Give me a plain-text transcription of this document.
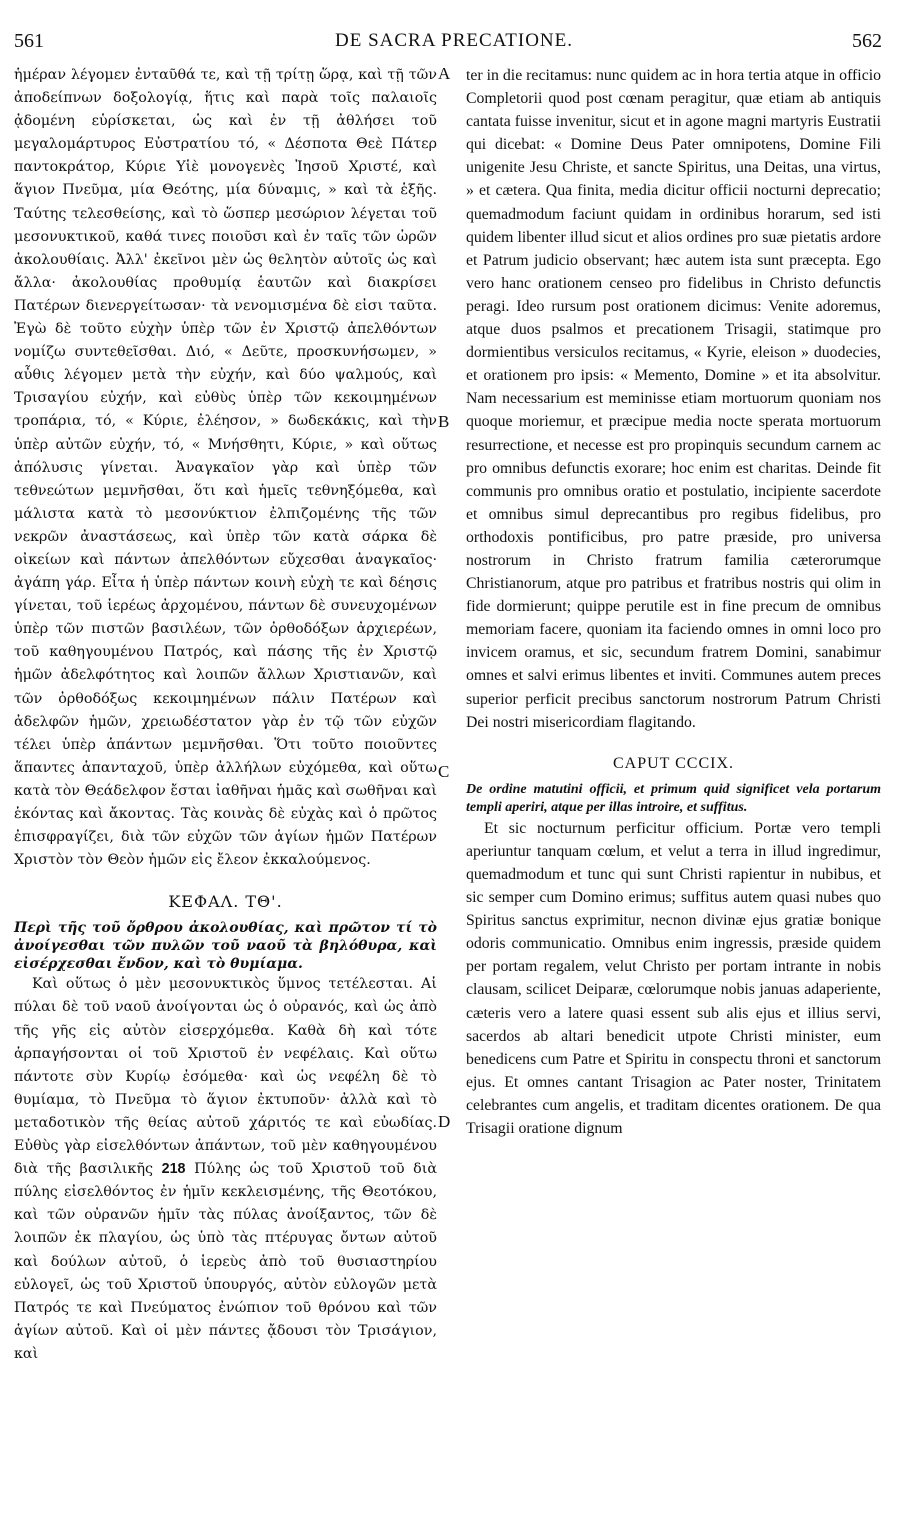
561	DE SACRA PRECATIONE.	562

ἡμέραν λέγομεν ἐνταῦθά τε, καὶ τῇ τρίτῃ ὥρᾳ, καὶ τῇ τῶν ἀποδείπνων δοξολογίᾳ, ἥτις καὶ παρὰ τοῖς παλαιοῖς ᾀδομένη εὑρίσκεται, ὡς καὶ ἐν τῇ ἀθλήσει τοῦ μεγαλομάρτυρος Εὐστρατίου τό, « Δέσποτα Θεὲ Πάτερ παντοκράτορ, Κύριε Υἱὲ μονογενὲς Ἰησοῦ Χριστέ, καὶ ἅγιον Πνεῦμα, μία Θεότης, μία δύναμις, » καὶ τὰ ἑξῆς. Ταύτης τελεσθείσης, καὶ τὸ ὥσπερ μεσώριον λέγεται τοῦ μεσονυκτικοῦ, καθά τινες ποιοῦσι καὶ ἐν ταῖς τῶν ὡρῶν ἀκολουθίαις. Ἀλλ' ἐκεῖνοι μὲν ὡς θελητὸν αὐτοῖς ὡς καὶ ἄλλα· ἀκολουθίας προθυμίᾳ ἑαυτῶν καὶ διακρίσει Πατέρων διενεργείτωσαν· τὰ νενομισμένα δὲ εἰσι ταῦτα. Ἐγὼ δὲ τοῦτο εὐχὴν ὑπὲρ τῶν ἐν Χριστῷ ἀπελθόντων νομίζω συντεθεῖσθαι. Διό, « Δεῦτε, προσκυνήσωμεν, » αὖθις λέγομεν μετὰ τὴν εὐχήν, καὶ δύο ψαλμούς, καὶ Τρισαγίου εὐχήν, καὶ εὐθὺς ὑπὲρ τῶν κεκοιμημένων τροπάρια, τό, « Κύριε, ἐλέησον, » δωδεκάκις, καὶ τὴν ὑπὲρ αὐτῶν εὐχήν, τό, « Μνήσθητι, Κύριε, » καὶ οὕτως ἀπόλυσις γίνεται. Ἀναγκαῖον γὰρ καὶ ὑπὲρ τῶν τεθνεώτων μεμνῆσθαι, ὅτι καὶ ἡμεῖς τεθνηξόμεθα, καὶ μάλιστα κατὰ τὸ μεσονύκτιον ἐλπιζομένης τῆς τῶν νεκρῶν ἀναστάσεως, καὶ ὑπὲρ τῶν κατὰ σάρκα δὲ οἰκείων καὶ πάντων ἀπελθόντων εὔχεσθαι ἀναγκαῖος· ἀγάπη γάρ. Εἶτα ἡ ὑπὲρ πάντων κοινὴ εὐχὴ τε καὶ δέησις γίνεται, τοῦ ἱερέως ἀρχομένου, πάντων δὲ συνευχομένων ὑπὲρ τῶν πιστῶν βασιλέων, τῶν ὀρθοδόξων ἀρχιερέων, τοῦ καθηγουμένου Πατρός, καὶ πάσης τῆς ἐν Χριστῷ ἡμῶν ἀδελφότητος καὶ λοιπῶν ἄλλων Χριστιανῶν, καὶ τῶν ὀρθοδόξως κεκοιμημένων πάλιν Πατέρων καὶ ἀδελφῶν ἡμῶν, χρειωδέστατον γὰρ ἐν τῷ τῶν εὐχῶν τέλει ὑπὲρ ἁπάντων μεμνῆσθαι. Ὅτι τοῦτο ποιοῦντες ἅπαντες ἁπανταχοῦ, ὑπὲρ ἀλλήλων εὐχόμεθα, καὶ οὕτω κατὰ τὸν Θεάδελφον ἔσται ἰαθῆναι ἡμᾶς καὶ σωθῆναι καὶ ἑκόντας καὶ ἄκοντας. Τὰς κοινὰς δὲ εὐχὰς καὶ ὁ πρῶτος ἐπισφραγίζει, διὰ τῶν εὐχῶν τῶν ἁγίων ἡμῶν Πατέρων Χριστὸν τὸν Θεὸν ἡμῶν εἰς ἔλεον ἐκκαλούμενος.

ΚΕΦΑΛ. ΤΘ'.

Περὶ τῆς τοῦ ὄρθρου ἀκολουθίας, καὶ πρῶτον τί τὸ ἀνοίγεσθαι τῶν πυλῶν τοῦ ναοῦ τὰ βηλόθυρα, καὶ εἰσέρχεσθαι ἔνδον, καὶ τὸ θυμίαμα.

Καὶ οὕτως ὁ μὲν μεσονυκτικὸς ὕμνος τετέλεσται. Αἱ πύλαι δὲ τοῦ ναοῦ ἀνοίγονται ὡς ὁ οὐρανός, καὶ ὡς ἀπὸ τῆς γῆς εἰς αὐτὸν εἰσερχόμεθα. Καθὰ δὴ καὶ τότε ἁρπαγήσονται οἱ τοῦ Χριστοῦ ἐν νεφέλαις. Καὶ οὕτω πάντοτε σὺν Κυρίῳ ἐσόμεθα· καὶ ὡς νεφέλη δὲ τὸ θυμίαμα, τὸ Πνεῦμα τὸ ἅγιον ἐκτυποῦν· ἀλλὰ καὶ τὸ μεταδοτικὸν τῆς θείας αὐτοῦ χάριτός τε καὶ εὐωδίας. Εὐθὺς γὰρ εἰσελθόντων ἁπάντων, τοῦ μὲν καθηγουμένου διὰ τῆς βασιλικῆς 218 Πύλης ὡς τοῦ Χριστοῦ τοῦ διὰ πύλης εἰσελθόντος ἐν ἡμῖν κεκλεισμένης, τῆς Θεοτόκου, καὶ τῶν οὐρανῶν ἡμῖν τὰς πύλας ἀνοίξαντος, τῶν δὲ λοιπῶν ἐκ πλαγίου, ὡς ὑπὸ τὰς πτέρυγας ὄντων αὐτοῦ καὶ δούλων αὐτοῦ, ὁ ἱερεὺς ἀπὸ τοῦ θυσιαστηρίου εὐλογεῖ, ὡς τοῦ Χριστοῦ ὑπουργός, αὐτὸν εὐλογῶν μετὰ Πατρός τε καὶ Πνεύματος ἐνώπιον τοῦ θρόνου καὶ τῶν ἁγίων αὐτοῦ. Καὶ οἱ μὲν πάντες ᾄδουσι τὸν Τρισάγιον, καὶ

A
B
C
D

ter in die recitamus: nunc quidem ac in hora tertia atque in officio Completorii quod post cœnam peragitur, quæ etiam ab antiquis cantata fuisse invenitur, sicut et in agone magni martyris Eustratii qui dicebat: « Domine Deus Pater omnipotens, Domine Fili unigenite Jesu Christe, et sancte Spiritus, una Deitas, una virtus, » et cætera. Qua finita, media dicitur officii nocturni deprecatio; quemadmodum faciunt quidam in ordinibus horarum, sed isti quidem libenter illud sicut et alios ordines pro suæ pietatis ardore et Patrum judicio observant; hæc autem ista sunt præcepta. Ego vero hanc orationem censeo pro fidelibus in Christo defunctis peragi. Ideo rursum post orationem dicimus: Venite adoremus, atque duos psalmos et precationem Trisagii, statimque pro dormientibus versiculos recitamus, « Kyrie, eleison » duodecies, et orationem pro ipsis: « Memento, Domine » et ita absolvitur. Nam necessarium est meminisse etiam mortuorum quoniam nos quoque moriemur, et præcipue media nocte sperata mortuorum resurrectione, et necesse est pro propinquis secundum carnem ac pro omnibus defunctis exorare; hoc enim est charitas. Deinde fit communis pro omnibus oratio et postulatio, incipiente sacerdote et omnibus simul deprecantibus pro regibus fidelibus, pro orthodoxis pontificibus, pro patre præside, pro universa nostrorum in Christo fratrum familia cæterorumque Christianorum, atque pro patribus et fratribus nostris qui olim in fide dormierunt; quippe perutile est in fine precum de omnibus memoriam facere, quoniam ita faciendo omnes in omni loco pro invicem oramus, et sic, secundum fratrem Domini, sanabimur omnes et salvi erimus libentes et inviti. Communes autem preces superior perficit precibus sanctorum nostrorum Patrum Christi Dei nostri misericordiam flagitando.

CAPUT CCCIX.

De ordine matutini officii, et primum quid significet vela portarum templi aperiri, atque per illas introire, et suffitus.

Et sic nocturnum perficitur officium. Portæ vero templi aperiuntur tanquam cœlum, et velut a terra in illud ingredimur, quemadmodum et tunc qui sunt Christi rapientur in nubibus, et sic semper cum Domino erimus; suffitus autem quasi nubes quo Spiritus sanctus exprimitur, necnon divinæ ejus gratiæ bonique odoris communicatio. Omnibus enim ingressis, præside quidem per portam regalem, velut Christo per portam intrante in nobis clausam, scilicet Deiparæ, cœlorumque nobis januas adaperiente, cæteris vero a latere quasi essent sub alis ejus et illius servi, sacerdos ab altari benedicit utpote Christi minister, eum benedicens cum Patre et Spiritu in conspectu throni et sanctorum ejus. Et omnes cantant Trisagion ac Pater noster, Trinitatem celebrantes cum angelis, et traditam dicentes orationem. De qua Trisagii oratione dignum
